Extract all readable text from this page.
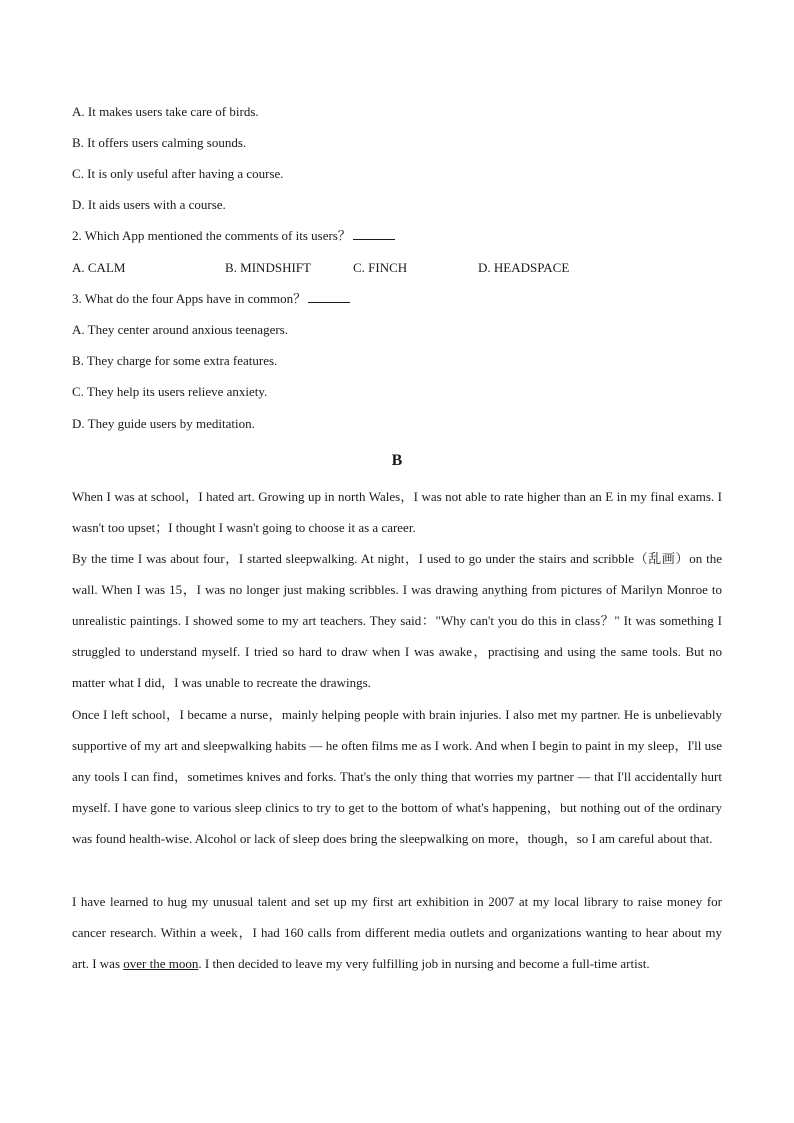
A. It makes users take care of birds.
B. It offers users calming sounds.
C. It is only useful after having a course.
D. It aids users with a course.
2. Which App mentioned the comments of its users？
A. CALM	B. MINDSHIFT	C. FINCH	D. HEADSPACE
3. What do the four Apps have in common？
A. They center around anxious teenagers.
B. They charge for some extra features.
C. They help its users relieve anxiety.
D. They guide users by meditation.
B
When I was at school，I hated art. Growing up in north Wales，I was not able to rate higher than an E in my final exams. I wasn't too upset；I thought I wasn't going to choose it as a career.
By the time I was about four，I started sleepwalking. At night，I used to go under the stairs and scribble（乱画）on the wall. When I was 15，I was no longer just making scribbles. I was drawing anything from pictures of Marilyn Monroe to unrealistic paintings. I showed some to my art teachers. They said："Why can't you do this in class？" It was something I struggled to understand myself. I tried so hard to draw when I was awake，practising and using the same tools. But no matter what I did，I was unable to recreate the drawings.
Once I left school，I became a nurse，mainly helping people with brain injuries. I also met my partner. He is unbelievably supportive of my art and sleepwalking habits — he often films me as I work. And when I begin to paint in my sleep，I'll use any tools I can find，sometimes knives and forks. That's the only thing that worries my partner — that I'll accidentally hurt myself. I have gone to various sleep clinics to try to get to the bottom of what's happening，but nothing out of the ordinary was found health-wise. Alcohol or lack of sleep does bring the sleepwalking on more，though，so I am careful about that.
I have learned to hug my unusual talent and set up my first art exhibition in 2007 at my local library to raise money for cancer research. Within a week，I had 160 calls from different media outlets and organizations wanting to hear about my art. I was over the moon. I then decided to leave my very fulfilling job in nursing and become a full-time artist.
